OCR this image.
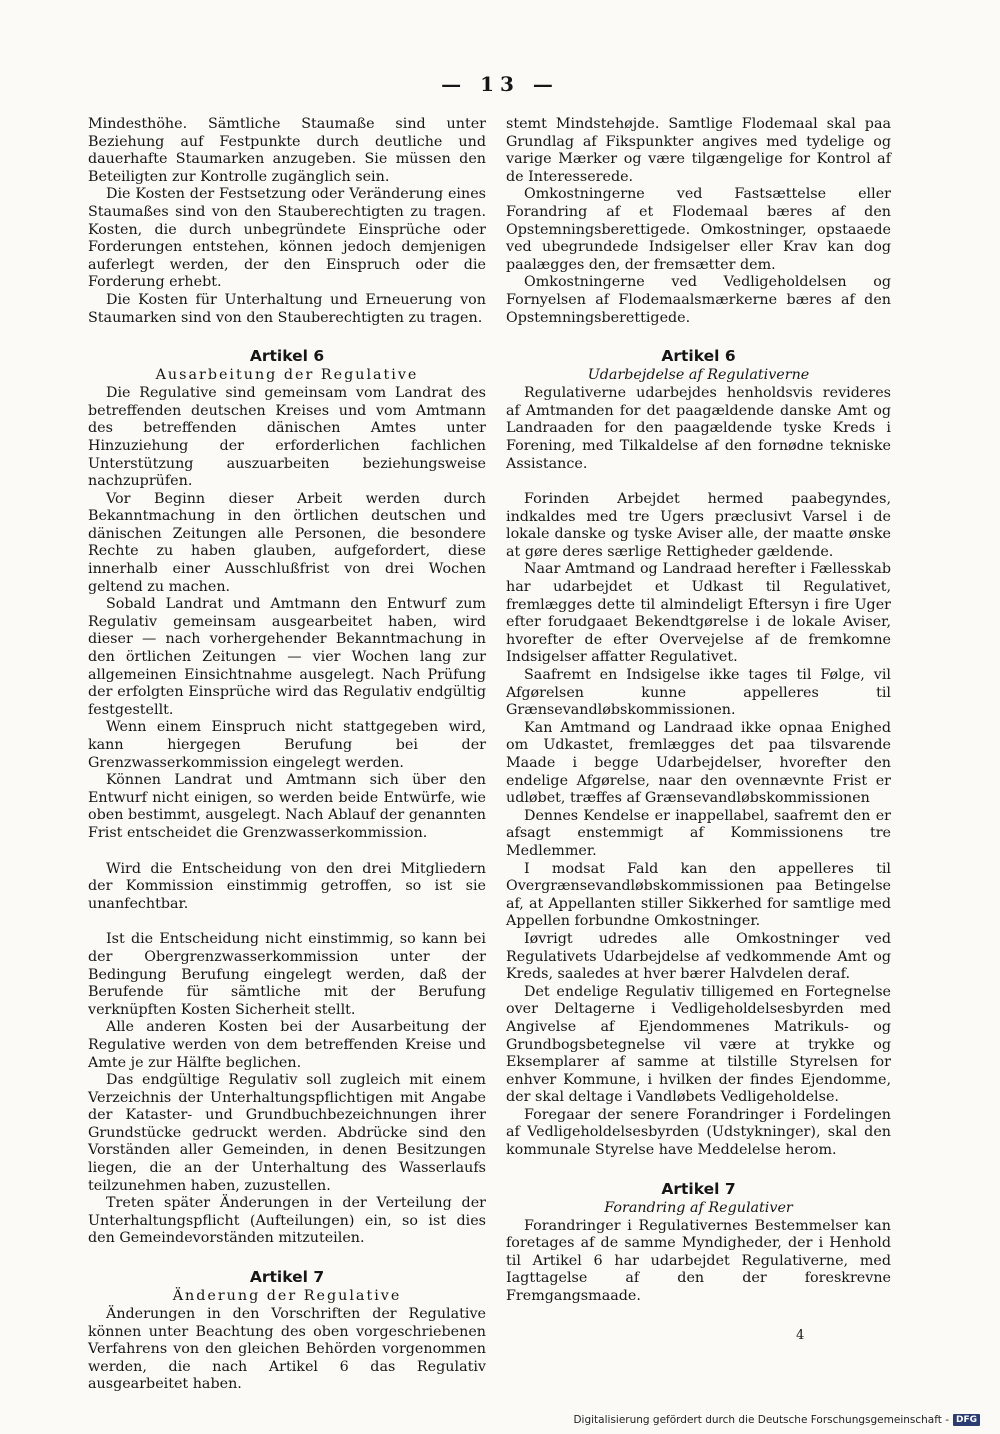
— 13 —

Mindesthöhe. Sämtliche Staumaße sind unter Beziehung auf Festpunkte durch deutliche und dauerhafte Staumarken anzugeben. Sie müssen den Beteiligten zur Kontrolle zugänglich sein.

Die Kosten der Festsetzung oder Veränderung eines Staumaßes sind von den Stauberechtigten zu tragen. Kosten, die durch unbegründete Einsprüche oder Forderungen entstehen, können jedoch demjenigen auferlegt werden, der den Einspruch oder die Forderung erhebt.

Die Kosten für Unterhaltung und Erneuerung von Staumarken sind von den Stauberechtigten zu tragen.

Artikel 6
Ausarbeitung der Regulative

Die Regulative sind gemeinsam vom Landrat des betreffenden deutschen Kreises und vom Amtmann des betreffenden dänischen Amtes unter Hinzuziehung der erforderlichen fachlichen Unterstützung auszuarbeiten beziehungsweise nachzuprüfen.

Vor Beginn dieser Arbeit werden durch Bekanntmachung in den örtlichen deutschen und dänischen Zeitungen alle Personen, die besondere Rechte zu haben glauben, aufgefordert, diese innerhalb einer Ausschlußfrist von drei Wochen geltend zu machen.

Sobald Landrat und Amtmann den Entwurf zum Regulativ gemeinsam ausgearbeitet haben, wird dieser — nach vorhergehender Bekanntmachung in den örtlichen Zeitungen — vier Wochen lang zur allgemeinen Einsichtnahme ausgelegt. Nach Prüfung der erfolgten Einsprüche wird das Regulativ endgültig festgestellt.

Wenn einem Einspruch nicht stattgegeben wird, kann hiergegen Berufung bei der Grenzwasserkommission eingelegt werden.

Können Landrat und Amtmann sich über den Entwurf nicht einigen, so werden beide Entwürfe, wie oben bestimmt, ausgelegt. Nach Ablauf der genannten Frist entscheidet die Grenzwasserkommission.

Wird die Entscheidung von den drei Mitgliedern der Kommission einstimmig getroffen, so ist sie unanfechtbar.

Ist die Entscheidung nicht einstimmig, so kann bei der Obergrenzwasserkommission unter der Bedingung Berufung eingelegt werden, daß der Berufende für sämtliche mit der Berufung verknüpften Kosten Sicherheit stellt.

Alle anderen Kosten bei der Ausarbeitung der Regulative werden von dem betreffenden Kreise und Amte je zur Hälfte beglichen.

Das endgültige Regulativ soll zugleich mit einem Verzeichnis der Unterhaltungspflichtigen mit Angabe der Kataster- und Grundbuchbezeichnungen ihrer Grundstücke gedruckt werden. Abdrücke sind den Vorständen aller Gemeinden, in denen Besitzungen liegen, die an der Unterhaltung des Wasserlaufs teilzunehmen haben, zuzustellen.

Treten später Änderungen in der Verteilung der Unterhaltungspflicht (Aufteilungen) ein, so ist dies den Gemeindevorständen mitzuteilen.

Artikel 7
Änderung der Regulative

Änderungen in den Vorschriften der Regulative können unter Beachtung des oben vorgeschriebenen Verfahrens von den gleichen Behörden vorgenommen werden, die nach Artikel 6 das Regulativ ausgearbeitet haben.

stemt Mindstehøjde. Samtlige Flodemaal skal paa Grundlag af Fikspunkter angives med tydelige og varige Mærker og være tilgængelige for Kontrol af de Interesserede.

Omkostningerne ved Fastsættelse eller Forandring af et Flodemaal bæres af den Opstemningsberettigede. Omkostninger, opstaaede ved ubegrundede Indsigelser eller Krav kan dog paalægges den, der fremsætter dem.

Omkostningerne ved Vedligeholdelsen og Fornyelsen af Flodemaalsmærkerne bæres af den Opstemningsberettigede.

Artikel 6
Udarbejdelse af Regulativerne

Regulativerne udarbejdes henholdsvis revideres af Amtmanden for det paagældende danske Amt og Landraaden for den paagældende tyske Kreds i Forening, med Tilkaldelse af den fornødne tekniske Assistance.

Forinden Arbejdet hermed paabegyndes, indkaldes med tre Ugers præclusivt Varsel i de lokale danske og tyske Aviser alle, der maatte ønske at gøre deres særlige Rettigheder gældende.

Naar Amtmand og Landraad herefter i Fællesskab har udarbejdet et Udkast til Regulativet, fremlægges dette til almindeligt Eftersyn i fire Uger efter forudgaaet Bekendtgørelse i de lokale Aviser, hvorefter de efter Overvejelse af de fremkomne Indsigelser affatter Regulativet.

Saafremt en Indsigelse ikke tages til Følge, vil Afgørelsen kunne appelleres til Grænsevandløbskommissionen.

Kan Amtmand og Landraad ikke opnaa Enighed om Udkastet, fremlægges det paa tilsvarende Maade i begge Udarbejdelser, hvorefter den endelige Afgørelse, naar den ovennævnte Frist er udløbet, træffes af Grænsevandløbskommissionen

Dennes Kendelse er inappellabel, saafremt den er afsagt enstemmigt af Kommissionens tre Medlemmer.

I modsat Fald kan den appelleres til Overgrænsevandløbskommissionen paa Betingelse af, at Appellanten stiller Sikkerhed for samtlige med Appellen forbundne Omkostninger.

Iøvrigt udredes alle Omkostninger ved Regulativets Udarbejdelse af vedkommende Amt og Kreds, saaledes at hver bærer Halvdelen deraf.

Det endelige Regulativ tilligemed en Fortegnelse over Deltagerne i Vedligeholdelsesbyrden med Angivelse af Ejendommenes Matrikuls- og Grundbogsbetegnelse vil være at trykke og Eksemplarer af samme at tilstille Styrelsen for enhver Kommune, i hvilken der findes Ejendomme, der skal deltage i Vandløbets Vedligeholdelse.

Foregaar der senere Forandringer i Fordelingen af Vedligeholdelsesbyrden (Udstykninger), skal den kommunale Styrelse have Meddelelse herom.

Artikel 7
Forandring af Regulativer

Forandringer i Regulativernes Bestemmelser kan foretages af de samme Myndigheder, der i Henhold til Artikel 6 har udarbejdet Regulativerne, med Iagttagelse af den der foreskrevne Fremgangsmaade.

4
Digitalisierung gefördert durch die Deutsche Forschungsgemeinschaft - DFG
